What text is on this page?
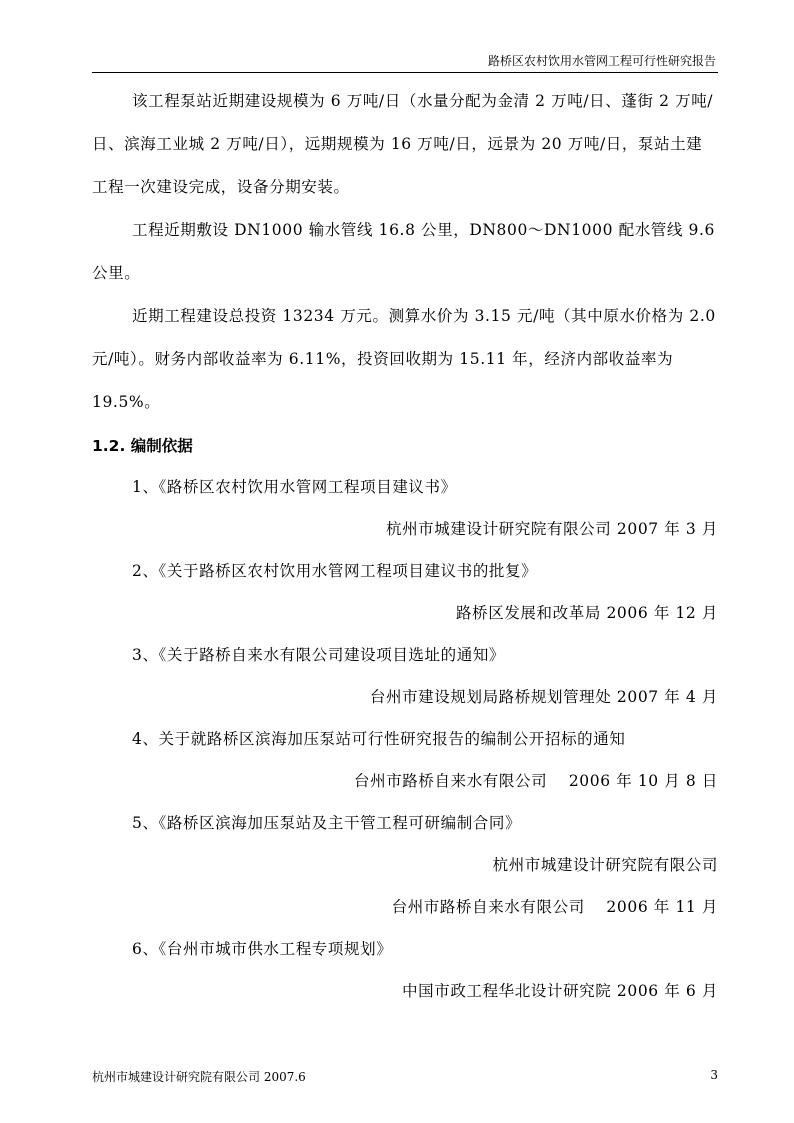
路桥区农村饮用水管网工程可行性研究报告

该工程泵站近期建设规模为 6 万吨/日（水量分配为金清 2 万吨/日、蓬街 2 万吨/日、滨海工业城 2 万吨/日），远期规模为 16 万吨/日，远景为 20 万吨/日，泵站土建工程一次建设完成，设备分期安装。

工程近期敷设 DN1000 输水管线 16.8 公里，DN800～DN1000 配水管线 9.6 公里。

近期工程建设总投资 13234 万元。测算水价为 3.15 元/吨（其中原水价格为 2.0 元/吨）。财务内部收益率为 6.11%，投资回收期为 15.11 年，经济内部收益率为 19.5%。

1.2. 编制依据

1、《路桥区农村饮用水管网工程项目建议书》

杭州市城建设计研究院有限公司 2007 年 3 月

2、《关于路桥区农村饮用水管网工程项目建议书的批复》

路桥区发展和改革局 2006 年 12 月

3、《关于路桥自来水有限公司建设项目选址的通知》

台州市建设规划局路桥规划管理处 2007 年 4 月

4、关于就路桥区滨海加压泵站可行性研究报告的编制公开招标的通知

台州市路桥自来水有限公司　 2006 年 10 月 8 日

5、《路桥区滨海加压泵站及主干管工程可研编制合同》

杭州市城建设计研究院有限公司

台州市路桥自来水有限公司　 2006 年 11 月

6、《台州市城市供水工程专项规划》

中国市政工程华北设计研究院 2006 年 6 月

杭州市城建设计研究院有限公司 2007.6	3
